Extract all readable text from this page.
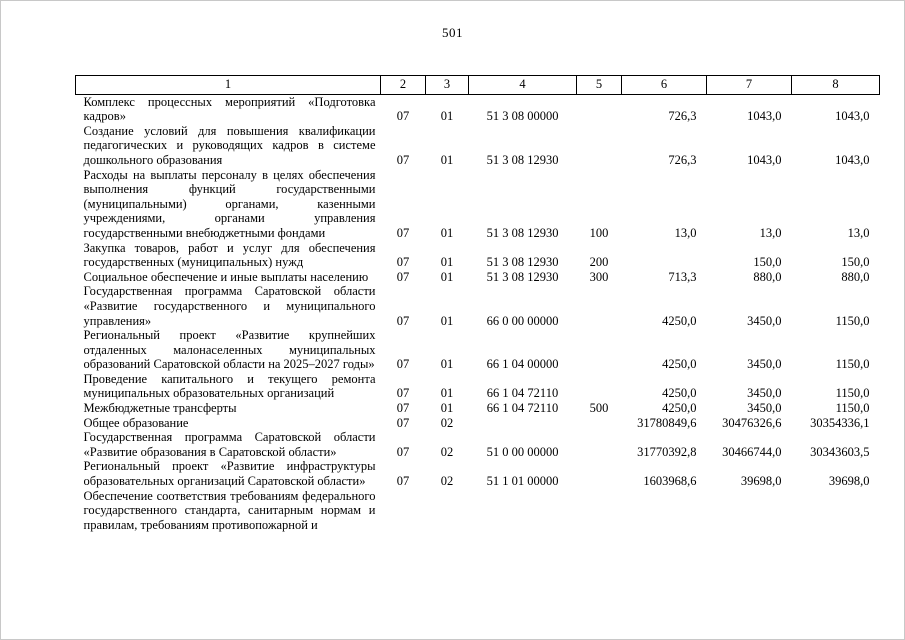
501
1	2	3	4	5	6	7	8
Комплекс процессных мероприятий «Подготовка кадров»	07	01	51 3 08 00000		726,3	1043,0	1043,0
Создание условий для повышения квалификации педагогических и руководящих кадров в системе дошкольного образования	07	01	51 3 08 12930		726,3	1043,0	1043,0
Расходы на выплаты персоналу в целях обеспечения выполнения функций государственными (муниципальными) органами, казенными учреждениями, органами управления государственными внебюджетными фондами	07	01	51 3 08 12930	100	13,0	13,0	13,0
Закупка товаров, работ и услуг для обеспечения государственных (муниципальных) нужд	07	01	51 3 08 12930	200		150,0	150,0
Социальное обеспечение и иные выплаты населению	07	01	51 3 08 12930	300	713,3	880,0	880,0
Государственная программа Саратовской области «Развитие государственного и муниципального управления»	07	01	66 0 00 00000		4250,0	3450,0	1150,0
Региональный проект «Развитие крупнейших отдаленных малонаселенных муниципальных образований Саратовской области на 2025–2027 годы»	07	01	66 1 04 00000		4250,0	3450,0	1150,0
Проведение капитального и текущего ремонта муниципальных образовательных организаций	07	01	66 1 04 72110		4250,0	3450,0	1150,0
Межбюджетные трансферты	07	01	66 1 04 72110	500	4250,0	3450,0	1150,0
Общее образование	07	02			31780849,6	30476326,6	30354336,1
Государственная программа Саратовской области «Развитие образования в Саратовской области»	07	02	51 0 00 00000		31770392,8	30466744,0	30343603,5
Региональный проект «Развитие инфраструктуры образовательных организаций Саратовской области»	07	02	51 1 01 00000		1603968,6	39698,0	39698,0
Обеспечение соответствия требованиям федерального государственного стандарта, санитарным нормам и правилам, требованиям противопожарной и							
